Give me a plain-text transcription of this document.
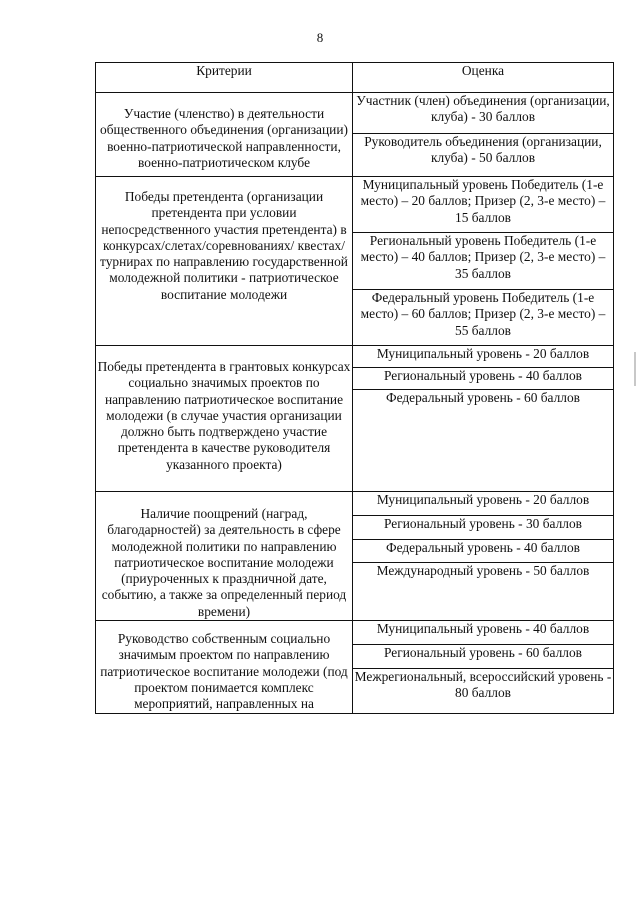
8
Критерии	Оценка
Участие (членство) в деятельности общественного объединения (организации) военно-патриотической направленности, военно-патриотическом клубе	Участник (член) объединения (организации, клуба) - 30 баллов
	Руководитель объединения (организации, клуба) - 50 баллов
Победы претендента (организации претендента при условии непосредственного участия претендента) в конкурсах/слетах/соревнованиях/ квестах/турнирах по направлению государственной молодежной политики - патриотическое воспитание молодежи	Муниципальный уровень Победитель (1-е место) – 20 баллов; Призер (2, 3-е место) – 15 баллов
	Региональный уровень Победитель (1-е место) – 40 баллов; Призер (2, 3-е место) – 35 баллов
	Федеральный уровень Победитель (1-е место) – 60 баллов; Призер (2, 3-е место) – 55 баллов
Победы претендента в грантовых конкурсах социально значимых проектов по направлению патриотическое воспитание молодежи (в случае участия организации должно быть подтверждено участие претендента в качестве руководителя указанного проекта)	Муниципальный уровень - 20 баллов
	Региональный уровень - 40 баллов
	Федеральный уровень - 60 баллов
Наличие поощрений (наград, благодарностей) за деятельность в сфере молодежной политики по направлению патриотическое воспитание молодежи (приуроченных к праздничной дате, событию, а также за определенный период времени)	Муниципальный уровень - 20 баллов
	Региональный уровень - 30 баллов
	Федеральный уровень - 40 баллов
	Международный уровень - 50 баллов
Руководство собственным социально значимым проектом по направлению патриотическое воспитание молодежи (под проектом понимается комплекс мероприятий, направленных на	Муниципальный уровень - 40 баллов
	Региональный уровень - 60 баллов
	Межрегиональный, всероссийский уровень - 80 баллов
